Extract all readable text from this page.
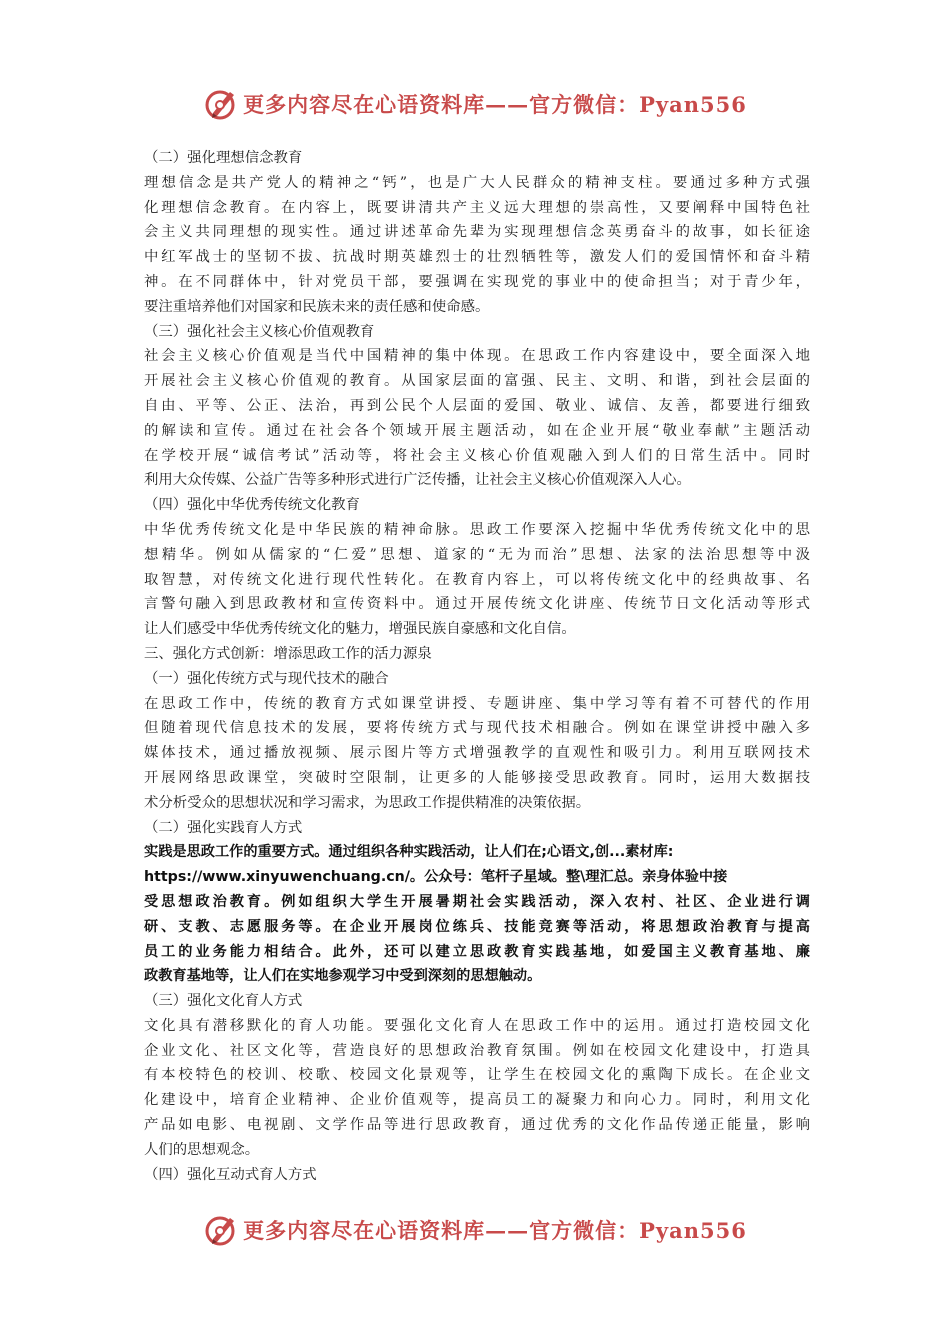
更多内容尽在心语资料库——官方微信：Pyan556
（二）强化理想信念教育
理想信念是共产党人的精神之“钙”，也是广大人民群众的精神支柱。要通过多种方式强
化理想信念教育。在内容上，既要讲清共产主义远大理想的崇高性，又要阐释中国特色社
会主义共同理想的现实性。通过讲述革命先辈为实现理想信念英勇奋斗的故事，如长征途
中红军战士的坚韧不拔、抗战时期英雄烈士的壮烈牺牲等，激发人们的爱国情怀和奋斗精
神。在不同群体中，针对党员干部，要强调在实现党的事业中的使命担当；对于青少年，
要注重培养他们对国家和民族未来的责任感和使命感。
（三）强化社会主义核心价值观教育
社会主义核心价值观是当代中国精神的集中体现。在思政工作内容建设中，要全面深入地
开展社会主义核心价值观的教育。从国家层面的富强、民主、文明、和谐，到社会层面的
自由、平等、公正、法治，再到公民个人层面的爱国、敬业、诚信、友善，都要进行细致
的解读和宣传。通过在社会各个领域开展主题活动，如在企业开展“敬业奉献”主题活动
在学校开展“诚信考试”活动等，将社会主义核心价值观融入到人们的日常生活中。同时
利用大众传媒、公益广告等多种形式进行广泛传播，让社会主义核心价值观深入人心。
（四）强化中华优秀传统文化教育
中华优秀传统文化是中华民族的精神命脉。思政工作要深入挖掘中华优秀传统文化中的思
想精华。例如从儒家的“仁爱”思想、道家的“无为而治”思想、法家的法治思想等中汲
取智慧，对传统文化进行现代性转化。在教育内容上，可以将传统文化中的经典故事、名
言警句融入到思政教材和宣传资料中。通过开展传统文化讲座、传统节日文化活动等形式
让人们感受中华优秀传统文化的魅力，增强民族自豪感和文化自信。
三、强化方式创新：增添思政工作的活力源泉
（一）强化传统方式与现代技术的融合
在思政工作中，传统的教育方式如课堂讲授、专题讲座、集中学习等有着不可替代的作用
但随着现代信息技术的发展，要将传统方式与现代技术相融合。例如在课堂讲授中融入多
媒体技术，通过播放视频、展示图片等方式增强教学的直观性和吸引力。利用互联网技术
开展网络思政课堂，突破时空限制，让更多的人能够接受思政教育。同时，运用大数据技
术分析受众的思想状况和学习需求，为思政工作提供精准的决策依据。
（二）强化实践育人方式
实践是思政工作的重要方式。通过组织各种实践活动，让人们在;心语文,创...素材库:
https://www.xinyuwenchuang.cn/。公众号：笔杆子星域。整\理汇总。亲身体验中接
受思想政治教育。例如组织大学生开展暑期社会实践活动，深入农村、社区、企业进行调
研、支教、志愿服务等。在企业开展岗位练兵、技能竞赛等活动，将思想政治教育与提高
员工的业务能力相结合。此外，还可以建立思政教育实践基地，如爱国主义教育基地、廉
政教育基地等，让人们在实地参观学习中受到深刻的思想触动。
（三）强化文化育人方式
文化具有潜移默化的育人功能。要强化文化育人在思政工作中的运用。通过打造校园文化
企业文化、社区文化等，营造良好的思想政治教育氛围。例如在校园文化建设中，打造具
有本校特色的校训、校歌、校园文化景观等，让学生在校园文化的熏陶下成长。在企业文
化建设中，培育企业精神、企业价值观等，提高员工的凝聚力和向心力。同时，利用文化
产品如电影、电视剧、文学作品等进行思政教育，通过优秀的文化作品传递正能量，影响
人们的思想观念。
（四）强化互动式育人方式
更多内容尽在心语资料库——官方微信：Pyan556
